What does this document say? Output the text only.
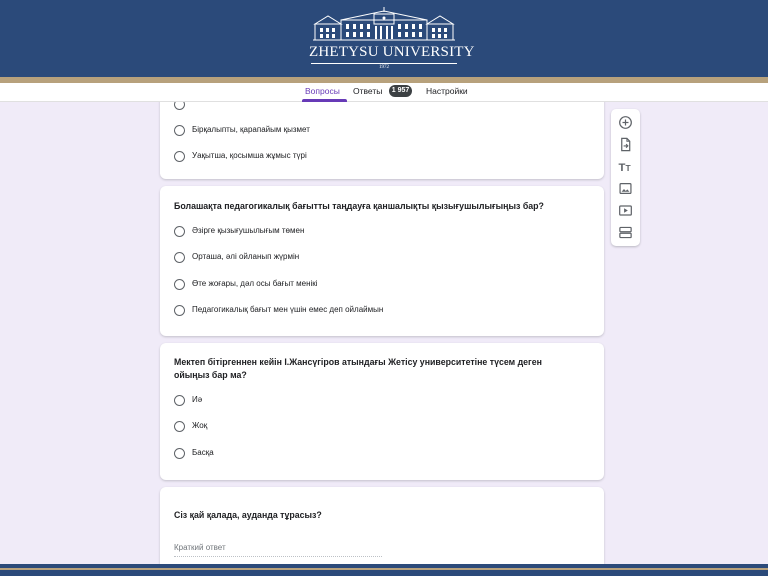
ZHETYSU UNIVERSITY
1972
Вопросы Ответы	1 957	Настройки
Бірқалыпты, қарапайым қызмет
Уақытша, қосымша жұмыс түрі
Болашақта педагогикалық бағытты таңдауға қаншалықты қызығушылығыңыз бар?
Әзірге қызығушылығым төмен
Орташа, әлі ойланып жүрмін
Өте жоғары, дәл осы бағыт менікі
Педагогикалық бағыт мен үшін емес деп ойлаймын
Мектеп бітіргеннен кейін І.Жансүгіров атындағы Жетісу университетіне түсем деген ойыңыз бар ма?
Иә
Жоқ
Басқа
Сіз қай қалада, ауданда тұрасыз?
Краткий ответ
T T
